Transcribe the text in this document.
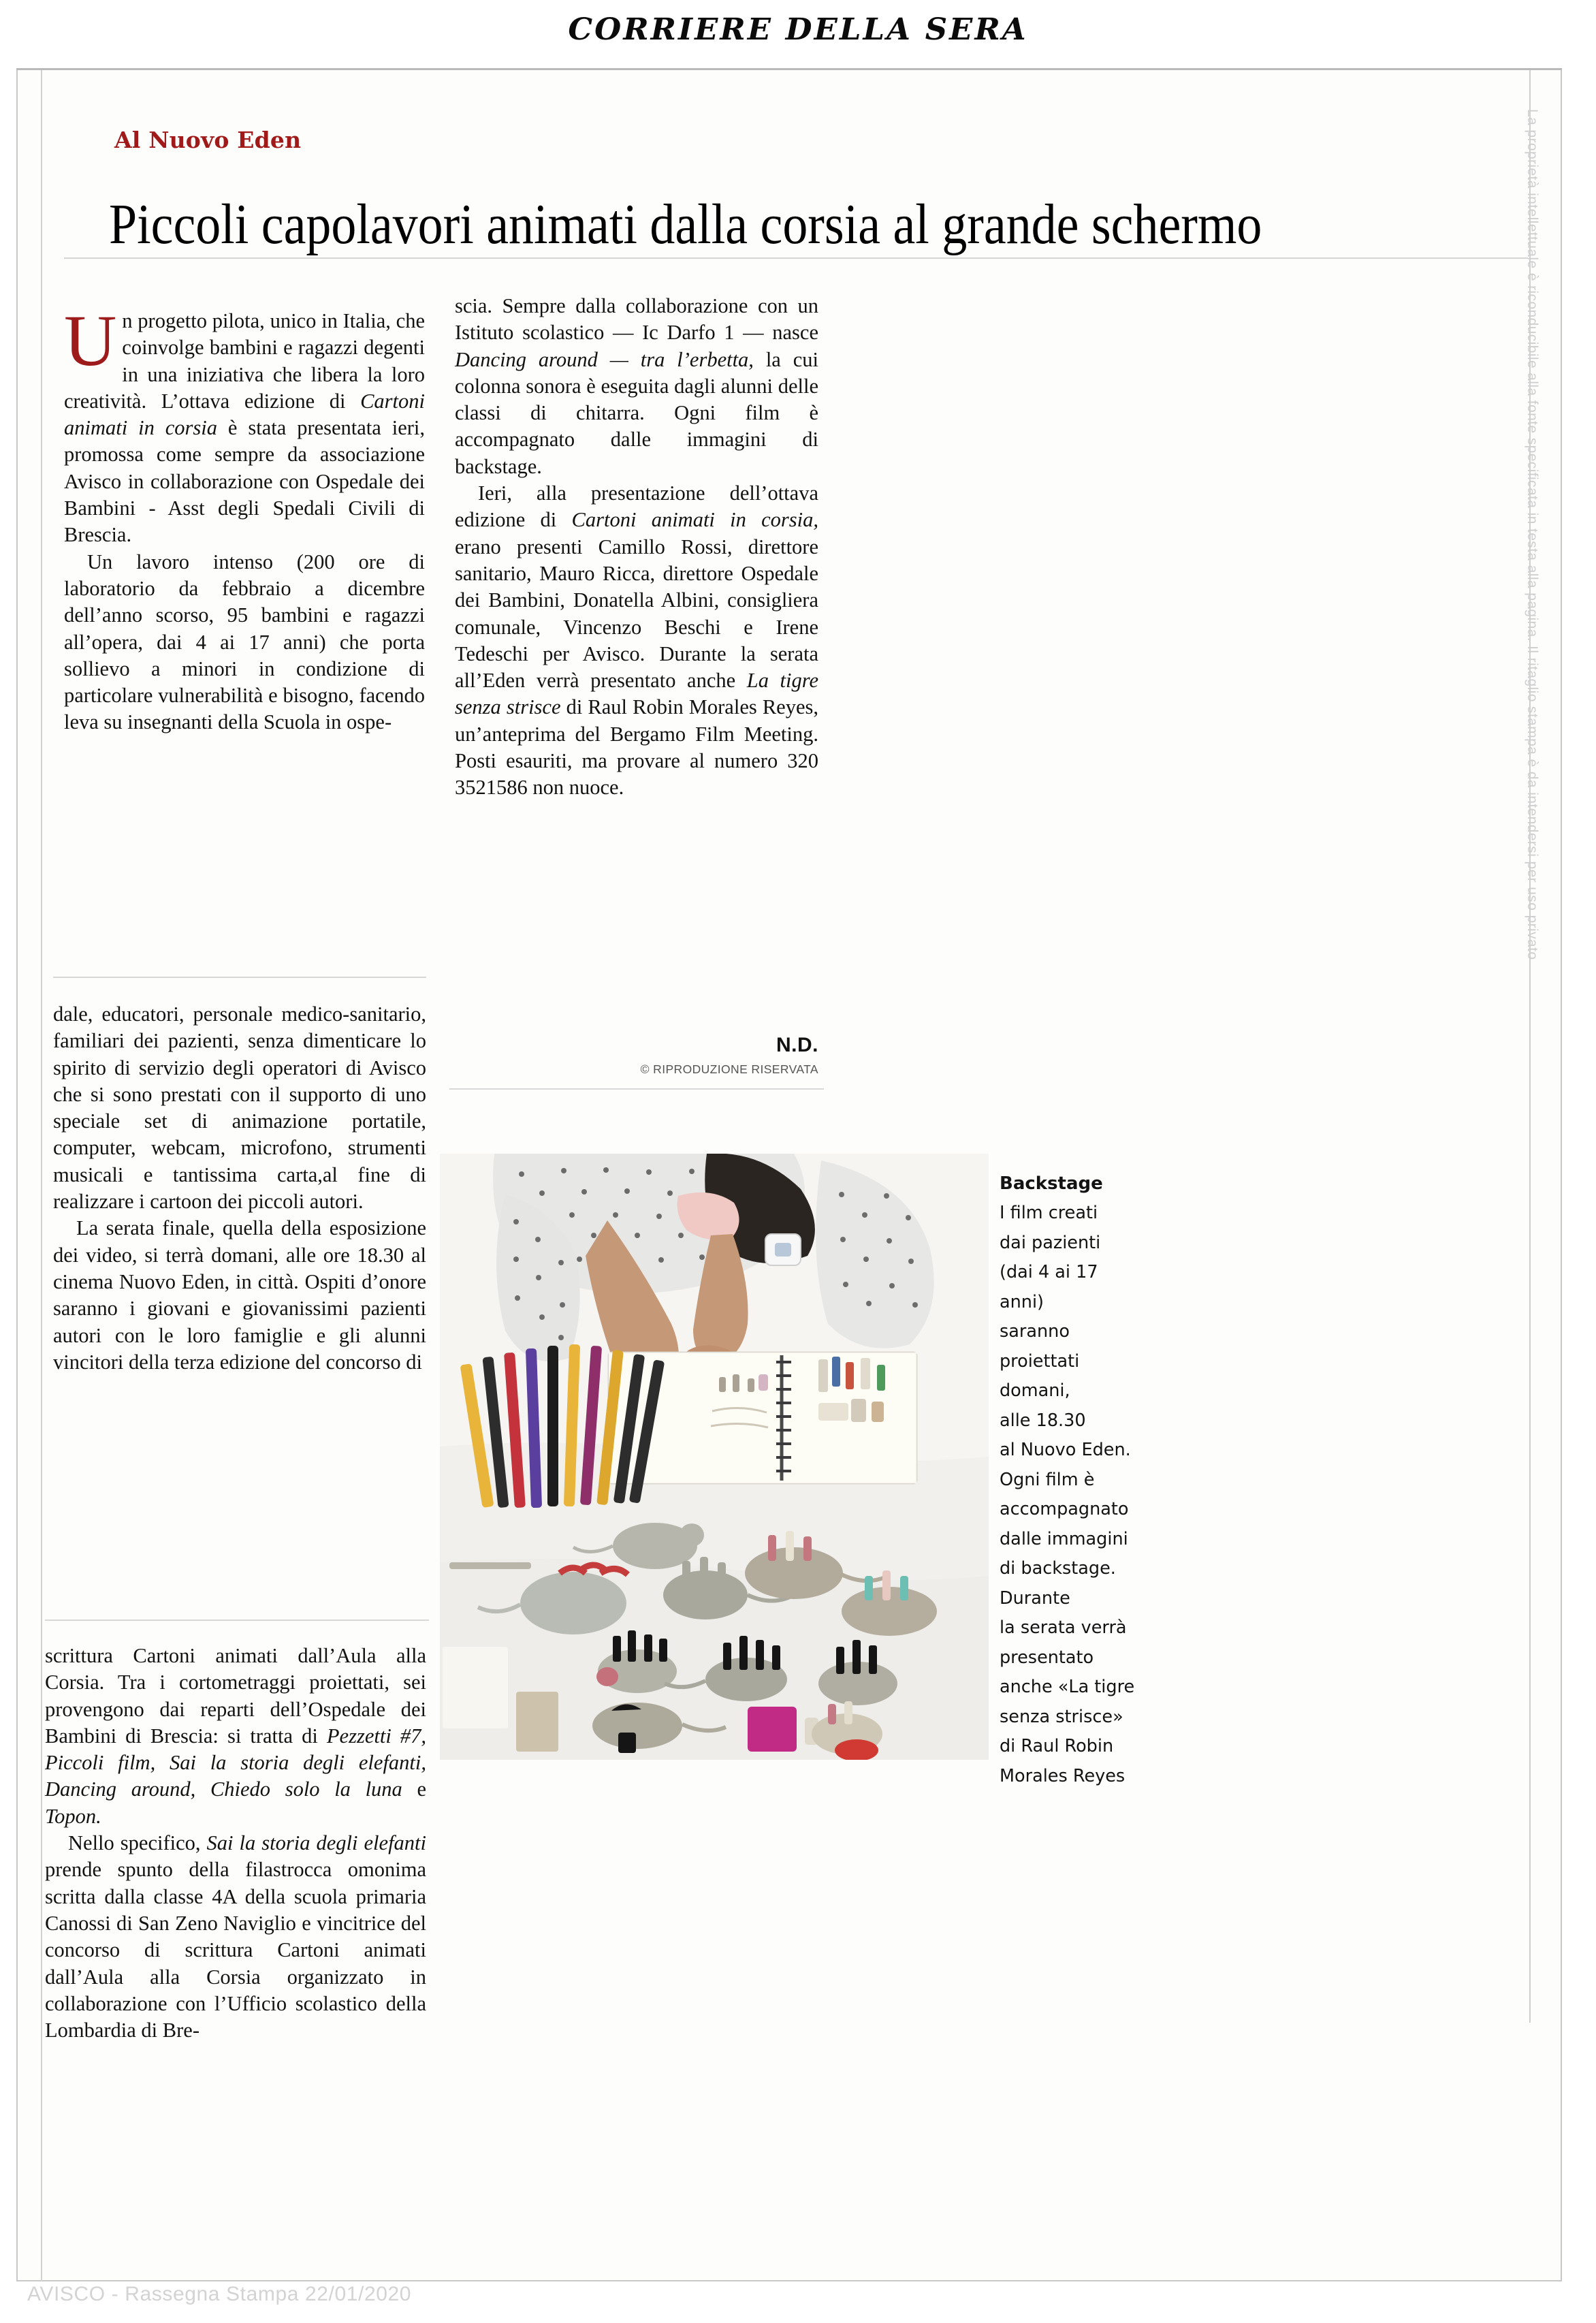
CORRIERE DELLA SERA
Al Nuovo Eden
Piccoli capolavori animati dalla corsia al grande schermo

Un progetto pilota, unico in Italia, che coinvolge bambini e ragazzi degenti in una iniziativa che libera la loro creatività. L’ottava edizione di Cartoni animati in corsia è stata presentata ieri, promossa come sempre da associazione Avisco in collaborazione con Ospedale dei Bambini - Asst degli Spedali Civili di Brescia.

Un lavoro intenso (200 ore di laboratorio da febbraio a dicembre dell’anno scorso, 95 bambini e ragazzi all’opera, dai 4 ai 17 anni) che porta sollievo a minori in condizione di particolare vulnerabilità e bisogno, facendo leva su insegnanti della Scuola in ospe-

scia. Sempre dalla collaborazione con un Istituto scolastico — Ic Darfo 1 — nasce Dancing around — tra l’erbetta, la cui colonna sonora è eseguita dagli alunni delle classi di chitarra. Ogni film è accompagnato dalle immagini di backstage.

Ieri, alla presentazione dell’ottava edizione di Cartoni animati in corsia, erano presenti Camillo Rossi, direttore sanitario, Mauro Ricca, direttore Ospedale dei Bambini, Donatella Albini, consigliera comunale, Vincenzo Beschi e Irene Tedeschi per Avisco. Durante la serata all’Eden verrà presentato anche La tigre senza strisce di Raul Robin Morales Reyes, un’anteprima del Bergamo Film Meeting. Posti esauriti, ma provare al numero 320 3521586 non nuoce.

N.D.
© RIPRODUZIONE RISERVATA

dale, educatori, personale medico-sanitario, familiari dei pazienti, senza dimenticare lo spirito di servizio degli operatori di Avisco che si sono prestati con il supporto di uno speciale set di animazione portatile, computer, webcam, microfono, strumenti musicali e tantissima carta,al fine di realizzare i cartoon dei piccoli autori.

La serata finale, quella della esposizione dei video, si terrà domani, alle ore 18.30 al cinema Nuovo Eden, in città. Ospiti d’onore saranno i giovani e giovanissimi pazienti autori con le loro famiglie e gli alunni vincitori della terza edizione del concorso di

scrittura Cartoni animati dall’Aula alla Corsia. Tra i cortometraggi proiettati, sei provengono dai reparti dell’Ospedale dei Bambini di Brescia: si tratta di Pezzetti #7, Piccoli film, Sai la storia degli elefanti, Dancing around, Chiedo solo la luna e Topon.

Nello specifico, Sai la storia degli elefanti prende spunto della filastrocca omonima scritta dalla classe 4A della scuola primaria Canossi di San Zeno Naviglio e vincitrice del concorso di scrittura Cartoni animati dall’Aula alla Corsia organizzato in collaborazione con l’Ufficio scolastico della Lombardia di Bre-

Backstage
I film creati
dai pazienti
(dai 4 ai 17
anni)
saranno
proiettati
domani,
alle 18.30
al Nuovo Eden.
Ogni film è
accompagnato
dalle immagini
di backstage.
Durante
la serata verrà
presentato
anche «La tigre
senza strisce»
di Raul Robin
Morales Reyes
La proprietà intellettuale è riconducibile alla fonte specificata in testa alla pagina. Il ritaglio stampa è da intendersi per uso privato
AVISCO - Rassegna Stampa 22/01/2020
